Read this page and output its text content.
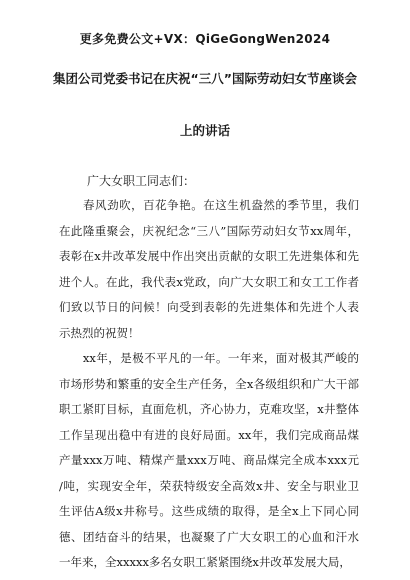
更多免费公文+VX：QiGeGongWen2024
集团公司党委书记在庆祝“三八”国际劳动妇女节座谈会
上的讲话
广大女职工同志们：
　　春风劲吹，百花争艳。在这生机盎然的季节里，我们
在此隆重聚会，庆祝纪念“三八”国际劳动妇女节xx周年，
表彰在x井改革发展中作出突出贡献的女职工先进集体和先
进个人。在此，我代表x党政，向广大女职工和女工工作者
们致以节日的问候！向受到表彰的先进集体和先进个人表
示热烈的祝贺！
　　xx年，是极不平凡的一年。一年来，面对极其严峻的
市场形势和繁重的安全生产任务，全x各级组织和广大干部
职工紧盯目标，直面危机，齐心协力，克难攻坚，x井整体
工作呈现出稳中有进的良好局面。xx年，我们完成商品煤
产量xxx万吨、精煤产量xxx万吨、商品煤完全成本xxx元
/吨，实现安全年，荣获特级安全高效x井、安全与职业卫
生评估A级x井称号。这些成绩的取得，是全x上下同心同
德、团结奋斗的结果，也凝聚了广大女职工的心血和汗水
一年来，全xxxxx多名女职工紧紧围绕x井改革发展大局，
